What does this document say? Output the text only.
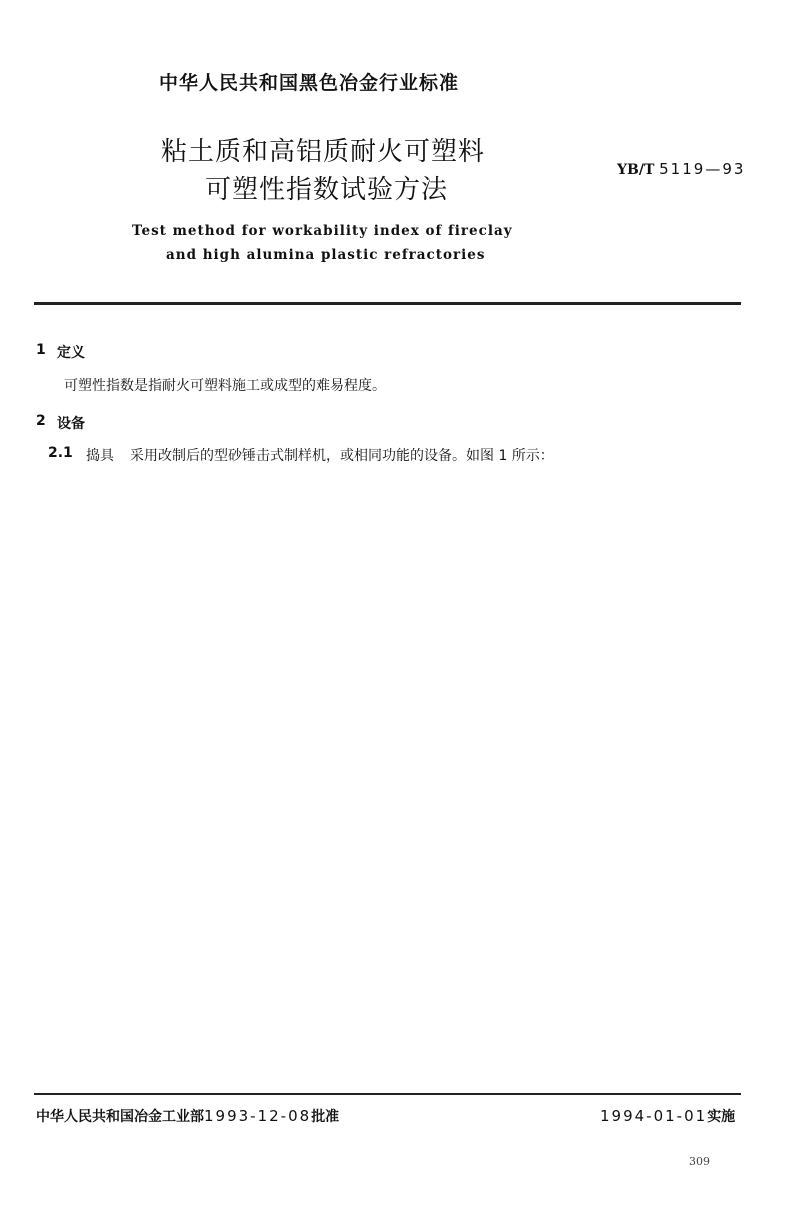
中华人民共和国黑色冶金行业标准
粘土质和高铝质耐火可塑料
可塑性指数试验方法
YB/T 5119—93
Test method for workability index of fireclay
and high alumina plastic refractories
1 定义
可塑性指数是指耐火可塑料施工或成型的难易程度。
2 设备
2.1 捣具 采用改制后的型砂锤击式制样机，或相同功能的设备。如图 1 所示：
中华人民共和国冶金工业部1993-12-08批准	1994-01-01实施
309
